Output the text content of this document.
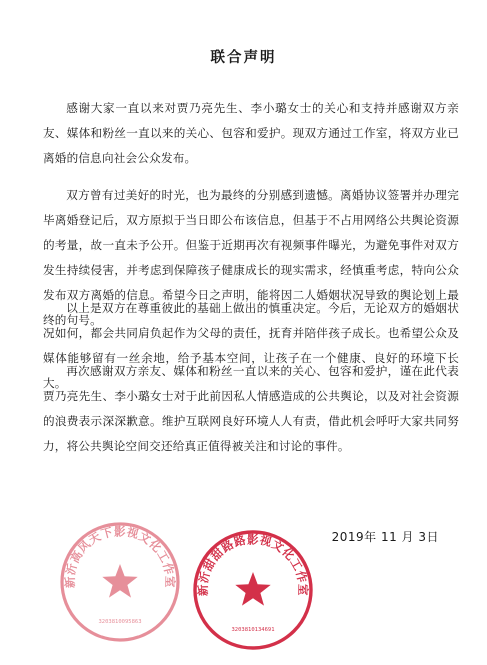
联合声明

感谢大家一直以来对贾乃亮先生、李小璐女士的关心和支持并感谢双方亲友、媒体和粉丝一直以来的关心、包容和爱护。现双方通过工作室，将双方业已离婚的信息向社会公众发布。

双方曾有过美好的时光，也为最终的分别感到遗憾。离婚协议签署并办理完毕离婚登记后，双方原拟于当日即公布该信息，但基于不占用网络公共舆论资源的考量，故一直未予公开。但鉴于近期再次有视频事件曝光，为避免事件对双方发生持续侵害，并考虑到保障孩子健康成长的现实需求，经慎重考虑，特向公众发布双方离婚的信息。希望今日之声明，能将因二人婚姻状况导致的舆论划上最终的句号。

以上是双方在尊重彼此的基础上做出的慎重决定。今后，无论双方的婚姻状况如何，都会共同肩负起作为父母的责任，抚育并陪伴孩子成长。也希望公众及媒体能够留有一丝余地，给予基本空间，让孩子在一个健康、良好的环境下长大。

再次感谢双方亲友、媒体和粉丝一直以来的关心、包容和爱护，谨在此代表贾乃亮先生、李小璐女士对于此前因私人情感造成的公共舆论，以及对社会资源的浪费表示深深歉意。维护互联网良好环境人人有责，借此机会呼吁大家共同努力，将公共舆论空间交还给真正值得被关注和讨论的事件。

2019年 11 月 3日
新沂高风天下影视文化工作室
3203810095863
新沂甜甜路路影视文化工作室
3203810134691
